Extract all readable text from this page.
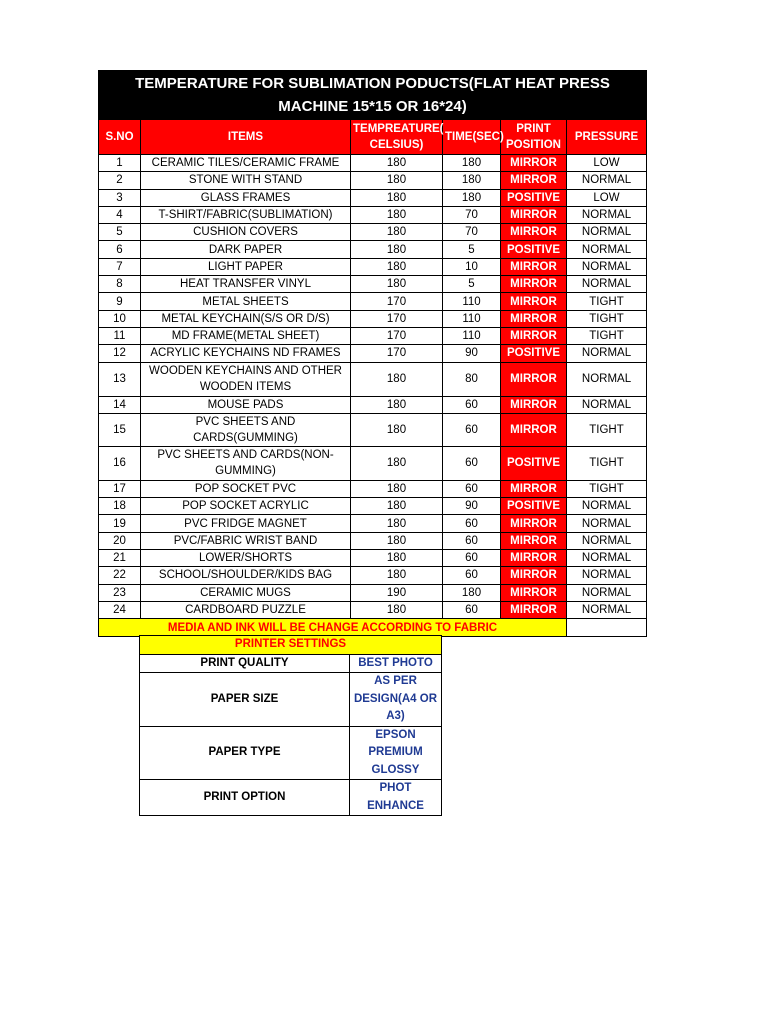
TEMPERATURE FOR SUBLIMATION PODUCTS(FLAT HEAT PRESS MACHINE 15*15 OR 16*24)					
S.NO	ITEMS	TEMPREATURE( CELSIUS)	TIME(SEC)	PRINT POSITION	PRESSURE
1	CERAMIC TILES/CERAMIC FRAME	180	180	MIRROR	LOW
2	STONE WITH STAND	180	180	MIRROR	NORMAL
3	GLASS FRAMES	180	180	POSITIVE	LOW
4	T-SHIRT/FABRIC(SUBLIMATION)	180	70	MIRROR	NORMAL
5	CUSHION COVERS	180	70	MIRROR	NORMAL
6	DARK PAPER	180	5	POSITIVE	NORMAL
7	LIGHT PAPER	180	10	MIRROR	NORMAL
8	HEAT TRANSFER VINYL	180	5	MIRROR	NORMAL
9	METAL SHEETS	170	110	MIRROR	TIGHT
10	METAL KEYCHAIN(S/S OR D/S)	170	110	MIRROR	TIGHT
11	MD FRAME(METAL SHEET)	170	110	MIRROR	TIGHT
12	ACRYLIC KEYCHAINS ND FRAMES	170	90	POSITIVE	NORMAL
13	WOODEN KEYCHAINS AND OTHER WOODEN ITEMS	180	80	MIRROR	NORMAL
14	MOUSE PADS	180	60	MIRROR	NORMAL
15	PVC SHEETS AND CARDS(GUMMING)	180	60	MIRROR	TIGHT
16	PVC SHEETS AND CARDS(NON-GUMMING)	180	60	POSITIVE	TIGHT
17	POP SOCKET PVC	180	60	MIRROR	TIGHT
18	POP SOCKET ACRYLIC	180	90	POSITIVE	NORMAL
19	PVC FRIDGE MAGNET	180	60	MIRROR	NORMAL
20	PVC/FABRIC WRIST BAND	180	60	MIRROR	NORMAL
21	LOWER/SHORTS	180	60	MIRROR	NORMAL
22	SCHOOL/SHOULDER/KIDS BAG	180	60	MIRROR	NORMAL
23	CERAMIC MUGS	190	180	MIRROR	NORMAL
24	CARDBOARD PUZZLE	180	60	MIRROR	NORMAL
MEDIA AND INK WILL BE CHANGE ACCORDING TO FABRIC					
PRINTER SETTINGS	
PRINT QUALITY	BEST PHOTO
PAPER SIZE	AS PER DESIGN(A4 OR A3)
PAPER TYPE	EPSON PREMIUM GLOSSY
PRINT OPTION	PHOT ENHANCE
